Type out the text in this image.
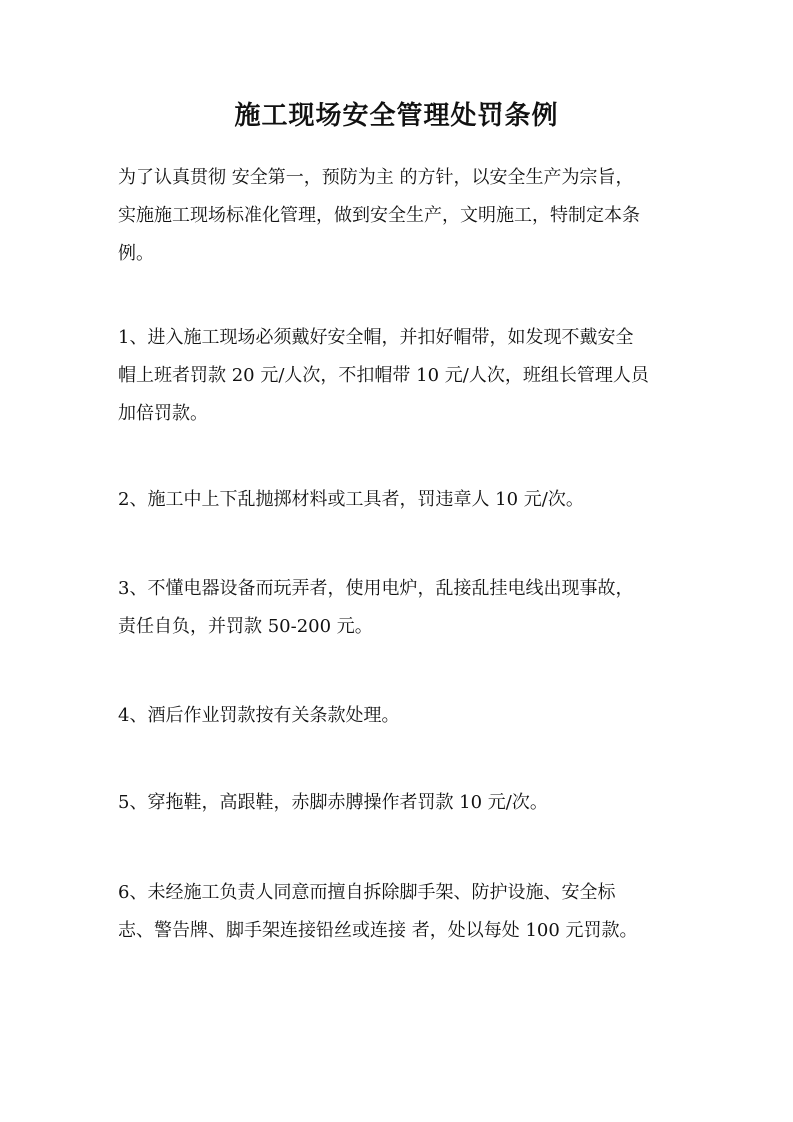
施工现场安全管理处罚条例
为了认真贯彻 安全第一，预防为主 的方针，以安全生产为宗旨，
实施施工现场标准化管理，做到安全生产，文明施工，特制定本条
例。
1、进入施工现场必须戴好安全帽，并扣好帽带，如发现不戴安全
帽上班者罚款 20 元/人次，不扣帽带 10 元/人次，班组长管理人员
加倍罚款。
2、施工中上下乱抛掷材料或工具者，罚违章人 10 元/次。
3、不懂电器设备而玩弄者，使用电炉，乱接乱挂电线出现事故，
责任自负，并罚款 50-200 元。
4、酒后作业罚款按有关条款处理。
5、穿拖鞋，高跟鞋，赤脚赤膊操作者罚款 10 元/次。
6、未经施工负责人同意而擅自拆除脚手架、防护设施、安全标
志、警告牌、脚手架连接铅丝或连接 者，处以每处 100 元罚款。
